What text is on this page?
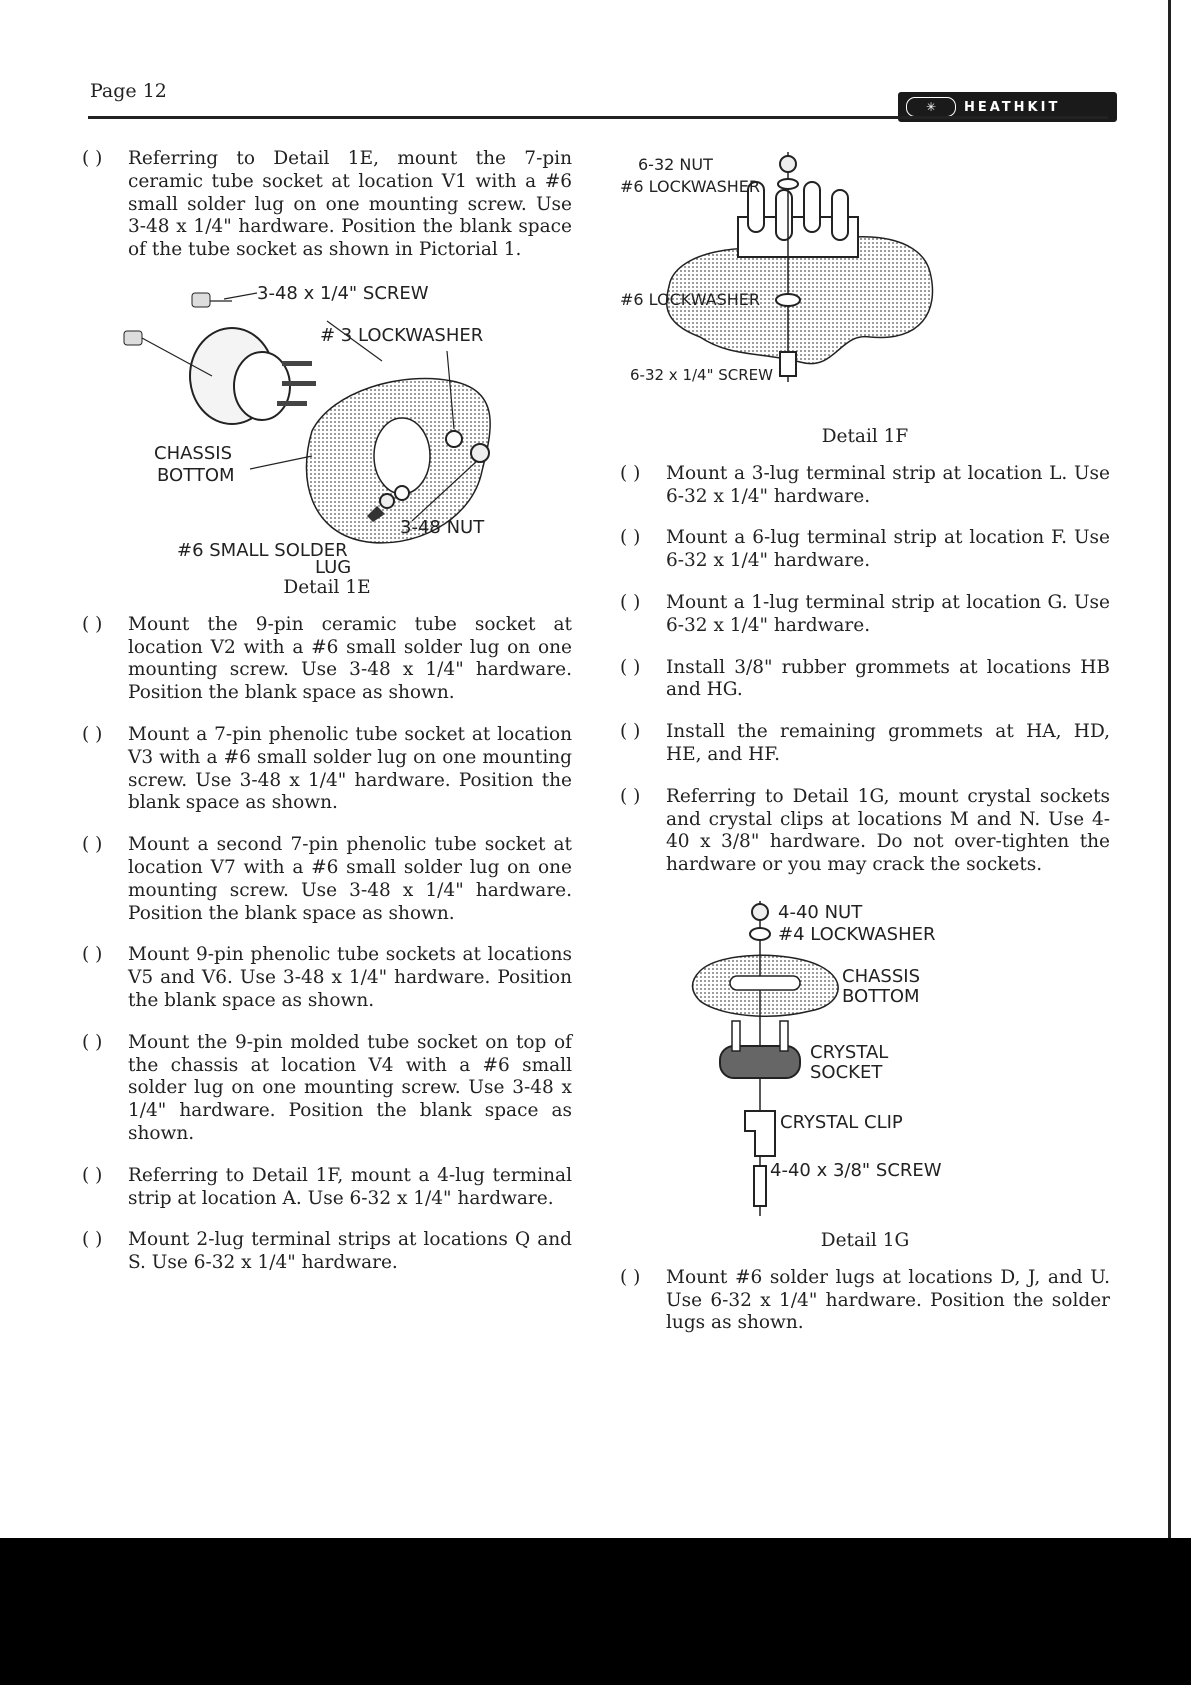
Page 12
✳	HEATHKIT
( )	Referring to Detail 1E, mount the 7-pin ceramic tube socket at location V1 with a #6 small solder lug on one mounting screw. Use 3-48 x 1/4" hardware. Position the blank space of the tube socket as shown in Pictorial 1.
3-48 x 1/4" SCREW
# 3 LOCKWASHER
CHASSIS
BOTTOM
3-48 NUT
#6 SMALL SOLDER
LUG
Detail 1E
( )	Mount the 9-pin ceramic tube socket at location V2 with a #6 small solder lug on one mounting screw. Use 3-48 x 1/4" hardware. Position the blank space as shown.
( )	Mount a 7-pin phenolic tube socket at location V3 with a #6 small solder lug on one mounting screw. Use 3-48 x 1/4" hardware. Position the blank space as shown.
( )	Mount a second 7-pin phenolic tube socket at location V7 with a #6 small solder lug on one mounting screw. Use 3-48 x 1/4" hardware. Position the blank space as shown.
( )	Mount 9-pin phenolic tube sockets at locations V5 and V6. Use 3-48 x 1/4" hardware. Position the blank space as shown.
( )	Mount the 9-pin molded tube socket on top of the chassis at location V4 with a #6 small solder lug on one mounting screw. Use 3-48 x 1/4" hardware. Position the blank space as shown.
( )	Referring to Detail 1F, mount a 4-lug terminal strip at location A. Use 6-32 x 1/4" hardware.
( )	Mount 2-lug terminal strips at locations Q and S. Use 6-32 x 1/4" hardware.
6-32 NUT
#6 LOCKWASHER
#6 LOCKWASHER
6-32 x 1/4" SCREW
Detail 1F
( )	Mount a 3-lug terminal strip at location L. Use 6-32 x 1/4" hardware.
( )	Mount a 6-lug terminal strip at location F. Use 6-32 x 1/4" hardware.
( )	Mount a 1-lug terminal strip at location G. Use 6-32 x 1/4" hardware.
( )	Install 3/8" rubber grommets at locations HB and HG.
( )	Install the remaining grommets at HA, HD, HE, and HF.
( )	Referring to Detail 1G, mount crystal sockets and crystal clips at locations M and N. Use 4-40 x 3/8" hardware. Do not over-tighten the hardware or you may crack the sockets.
4-40 NUT
#4 LOCKWASHER
CHASSIS
BOTTOM
CRYSTAL
SOCKET
CRYSTAL CLIP
4-40 x 3/8" SCREW
Detail 1G
( )	Mount #6 solder lugs at locations D, J, and U. Use 6-32 x 1/4" hardware. Position the solder lugs as shown.
